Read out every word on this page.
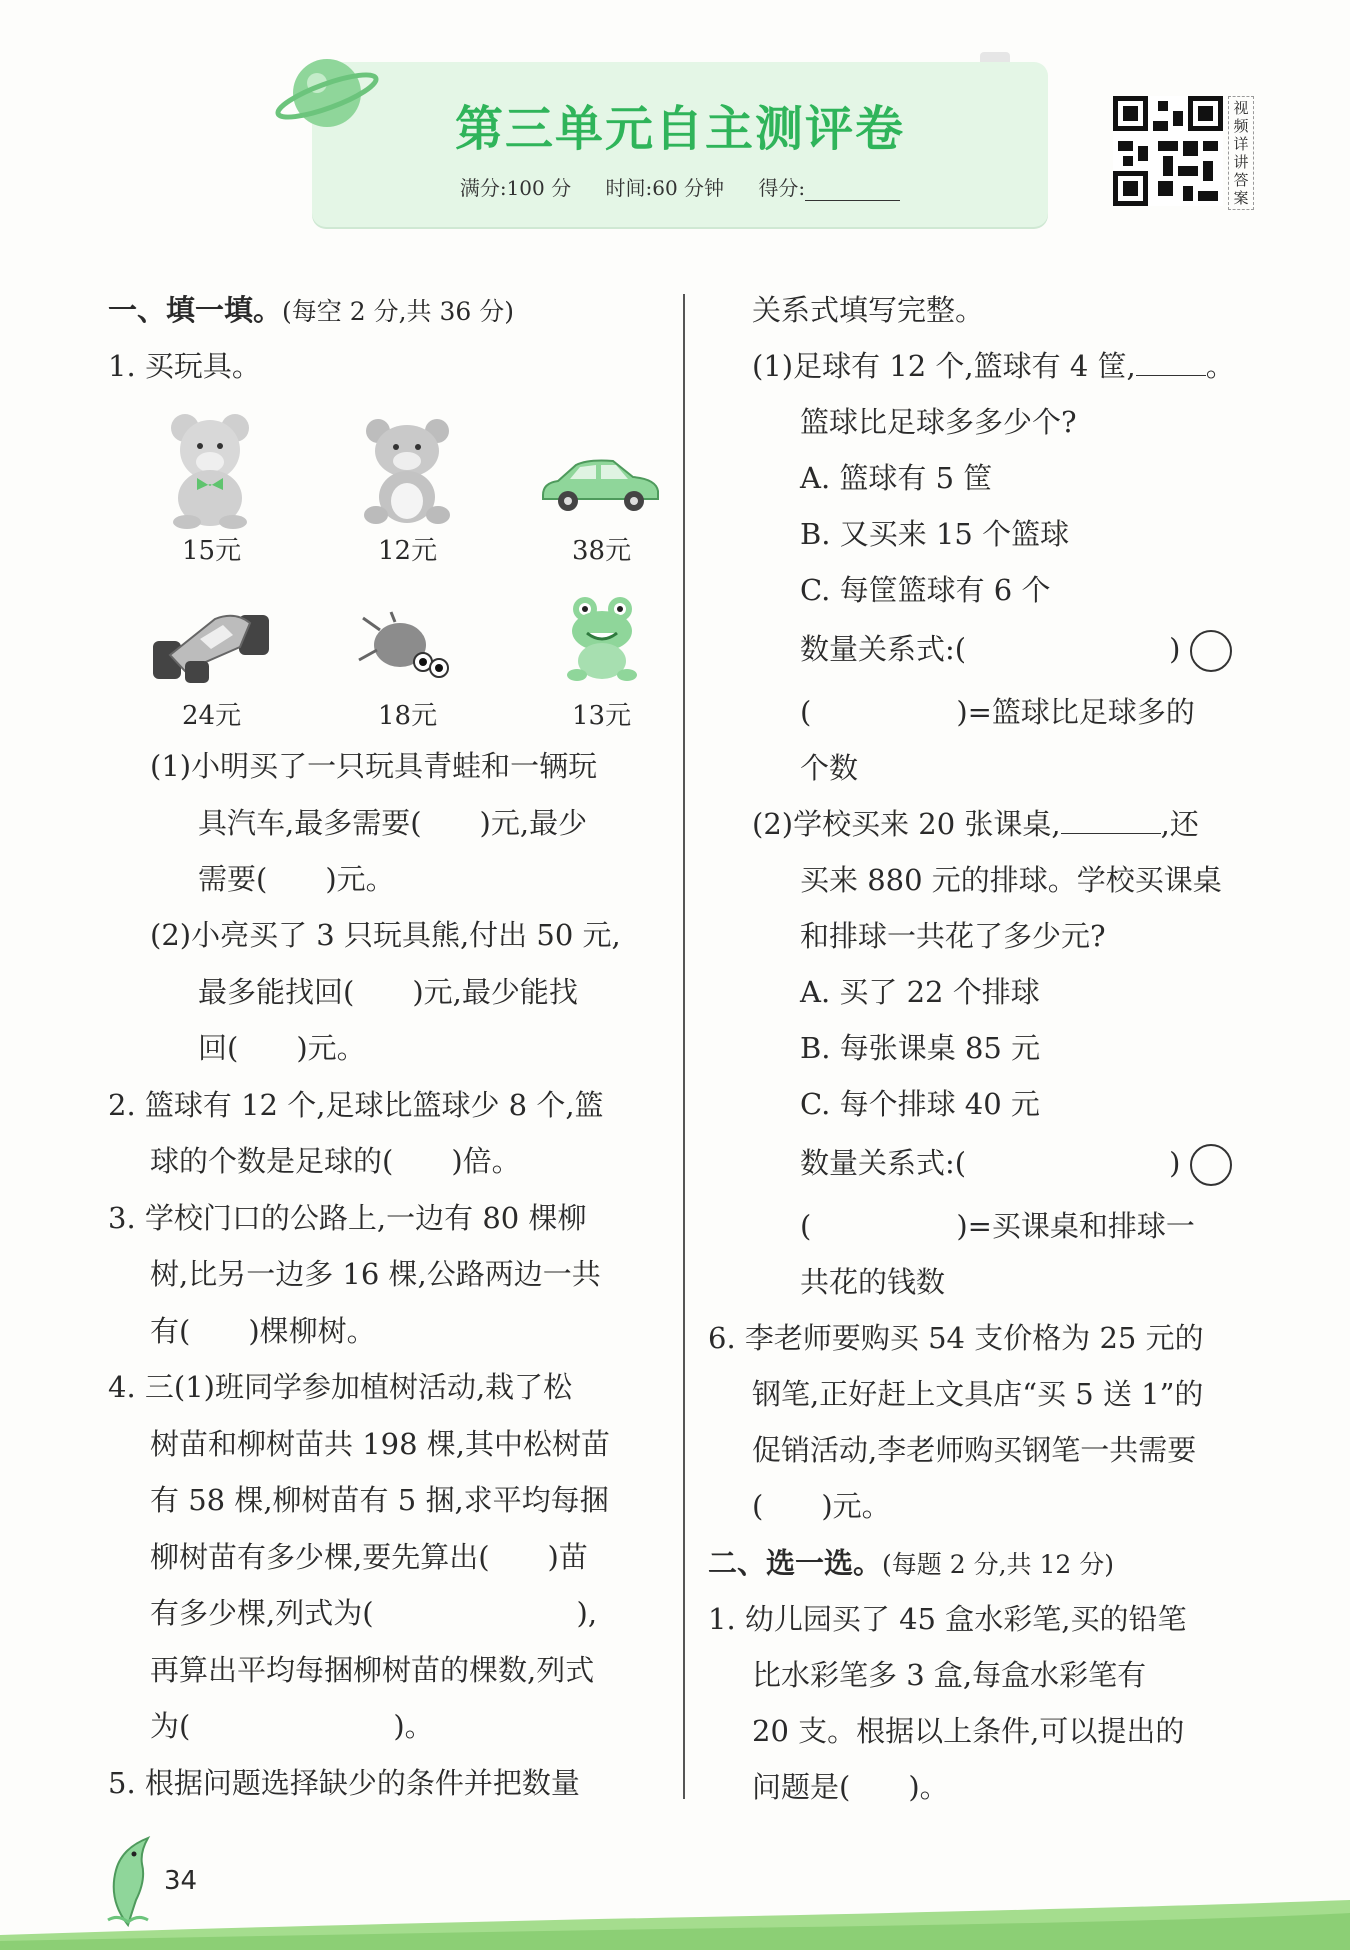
第三单元自主测评卷
满分:100 分 时间:60 分钟 得分:
视频详讲答案
一、填一填。(每空 2 分,共 36 分)
1. 买玩具。
15元	12元	38元
24元	18元	13元
(1)小明买了一只玩具青蛙和一辆玩
具汽车,最多需要(　　)元,最少
需要(　　)元。
(2)小亮买了 3 只玩具熊,付出 50 元,
最多能找回(　　)元,最少能找
回(　　)元。
2. 篮球有 12 个,足球比篮球少 8 个,篮
球的个数是足球的(　　)倍。
3. 学校门口的公路上,一边有 80 棵柳
树,比另一边多 16 棵,公路两边一共
有(　　)棵柳树。
4. 三(1)班同学参加植树活动,栽了松
树苗和柳树苗共 198 棵,其中松树苗
有 58 棵,柳树苗有 5 捆,求平均每捆
柳树苗有多少棵,要先算出(　　)苗
有多少棵,列式为(　　　　　　　),
再算出平均每捆柳树苗的棵数,列式
为(　　　　　　　)。
5. 根据问题选择缺少的条件并把数量
关系式填写完整。
(1)足球有 12 个,篮球有 4 筐, 。
篮球比足球多多少个?
A. 篮球有 5 筐
B. 又买来 15 个篮球
C. 每筐篮球有 6 个
数量关系式:(　　　　　　　)
(　　　　　)=篮球比足球多的
个数
(2)学校买来 20 张课桌,	,还
买来 880 元的排球。学校买课桌
和排球一共花了多少元?
A. 买了 22 个排球
B. 每张课桌 85 元
C. 每个排球 40 元
数量关系式:(　　　　　　　)
(　　　　　)=买课桌和排球一
共花的钱数
6. 李老师要购买 54 支价格为 25 元的
钢笔,正好赶上文具店“买 5 送 1”的
促销活动,李老师购买钢笔一共需要
(　　)元。
二、选一选。(每题 2 分,共 12 分)
1. 幼儿园买了 45 盒水彩笔,买的铅笔
比水彩笔多 3 盒,每盒水彩笔有
20 支。根据以上条件,可以提出的
问题是(　　)。
34
